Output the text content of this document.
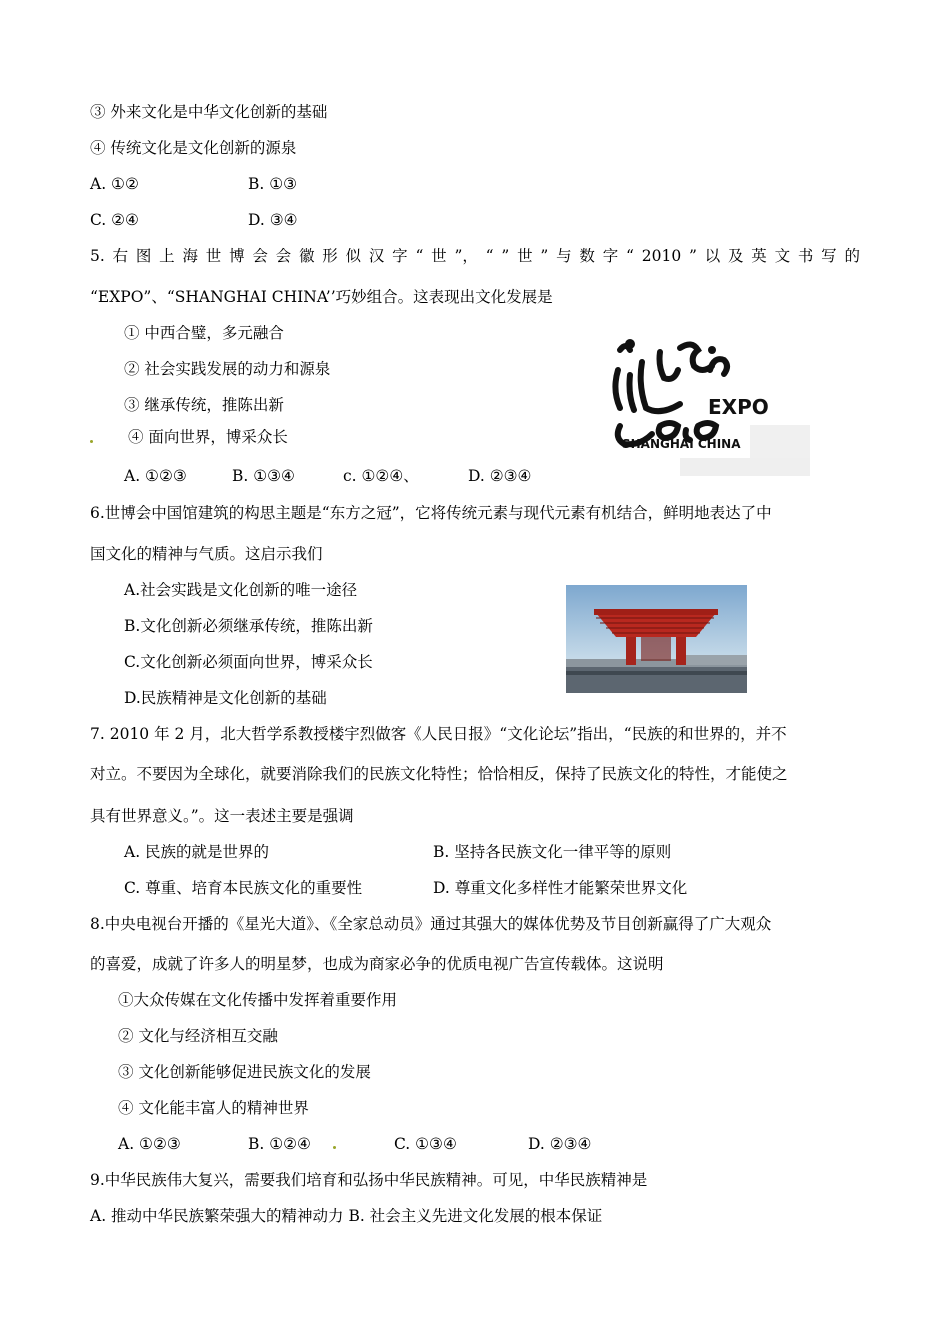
③ 外来文化是中华文化创新的基础
④ 传统文化是文化创新的源泉
A. ①②	B. ①③
C. ②④	D. ③④
5. 右 图 上 海 世 博 会 会 徽 形 似 汉 字 “ 世 ”， “ ” 世 ” 与 数 字 “ 2010 ” 以 及 英 文 书 写 的
“EXPO”、“SHANGHAI CHINA’’巧妙组合。这表现出文化发展是
① 中西合璧，多元融合
② 社会实践发展的动力和源泉
③ 继承传统，推陈出新
④ 面向世界，博采众长
A. ①②③	B. ①③④	c. ①②④、	D. ②③④
EXPO
SHANGHAI CHINA
6.世博会中国馆建筑的构思主题是“东方之冠”，它将传统元素与现代元素有机结合，鲜明地表达了中
国文化的精神与气质。这启示我们
A.社会实践是文化创新的唯一途径
B.文化创新必须继承传统，推陈出新
C.文化创新必须面向世界，博采众长
D.民族精神是文化创新的基础
7. 2010 年 2 月，北大哲学系教授楼宇烈做客《人民日报》“文化论坛”指出，“民族的和世界的，并不
对立。不要因为全球化，就要消除我们的民族文化特性；恰恰相反，保持了民族文化的特性，才能使之
具有世界意义。”。这一表述主要是强调
A. 民族的就是世界的	B. 坚持各民族文化一律平等的原则
C. 尊重、培育本民族文化的重要性	D. 尊重文化多样性才能繁荣世界文化
8.中央电视台开播的《星光大道》、《全家总动员》通过其强大的媒体优势及节目创新赢得了广大观众
的喜爱，成就了许多人的明星梦，也成为商家必争的优质电视广告宣传载体。这说明
①大众传媒在文化传播中发挥着重要作用
② 文化与经济相互交融
③ 文化创新能够促进民族文化的发展
④ 文化能丰富人的精神世界
A. ①②③	B. ①②④	C. ①③④	D. ②③④
9.中华民族伟大复兴，需要我们培育和弘扬中华民族精神。可见，中华民族精神是
A. 推动中华民族繁荣强大的精神动力 B. 社会主义先进文化发展的根本保证
